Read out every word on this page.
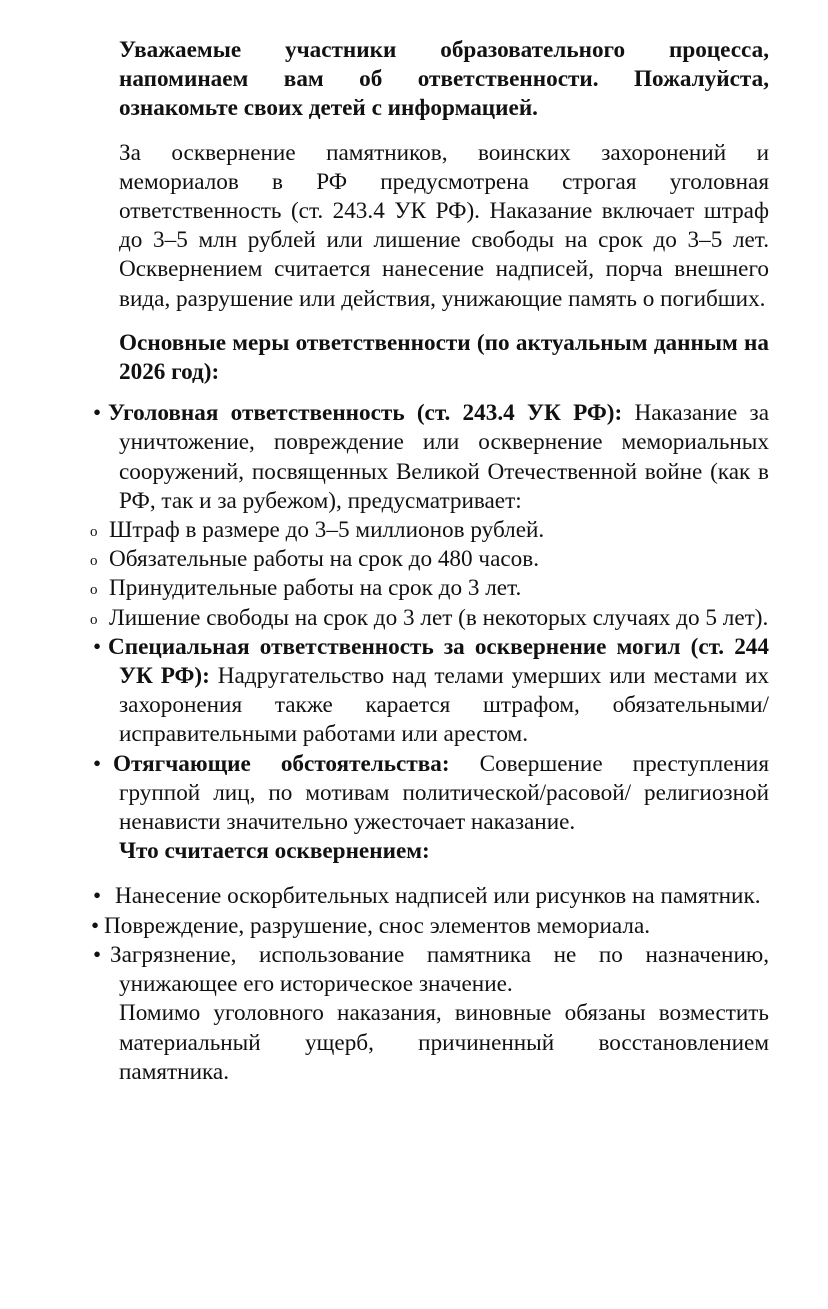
Уважаемые участники образовательного процесса, напоминаем вам об ответственности. Пожалуйста, ознакомьте своих детей с информацией.

За осквернение памятников, воинских захоронений и мемориалов в РФ предусмотрена строгая уголовная ответственность (ст. 243.4 УК РФ). Наказание включает штраф до 3–5 млн рублей или лишение свободы на срок до 3–5 лет. Осквернением считается нанесение надписей, порча внешнего вида, разрушение или действия, унижающие память о погибших.

Основные меры ответственности (по актуальным данным на 2026 год):

• Уголовная ответственность (ст. 243.4 УК РФ): Наказание за уничтожение, повреждение или осквернение мемориальных сооружений, посвященных Великой Отечественной войне (как в РФ, так и за рубежом), предусматривает:
o Штраф в размере до 3–5 миллионов рублей.
o Обязательные работы на срок до 480 часов.
o Принудительные работы на срок до 3 лет.
o Лишение свободы на срок до 3 лет (в некоторых случаях до 5 лет).
• Специальная ответственность за осквернение могил (ст. 244 УК РФ): Надругательство над телами умерших или местами их захоронения также карается штрафом, обязательными/исправительными работами или арестом.
• Отягчающие обстоятельства: Совершение преступления группой лиц, по мотивам политической/расовой/ религиозной ненависти значительно ужесточает наказание.

Что считается осквернением:

• Нанесение оскорбительных надписей или рисунков на памятник.
• Повреждение, разрушение, снос элементов мемориала.
• Загрязнение, использование памятника не по назначению, унижающее его историческое значение.

Помимо уголовного наказания, виновные обязаны возместить материальный ущерб, причиненный восстановлением памятника.
